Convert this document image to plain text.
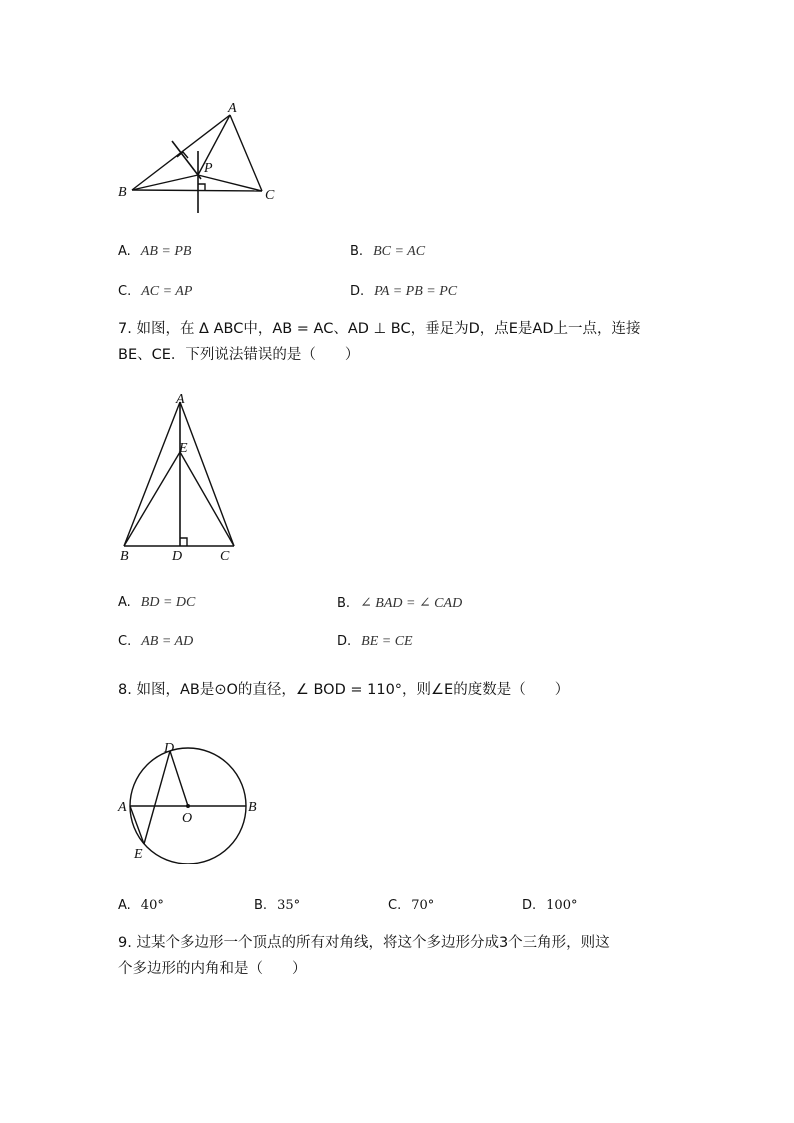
A
B	C
P
A. AB = PB	B. BC = AC
C. AC = AP	D. PA = PB = PC
7. 如图，在 Δ ABC中，AB = AC、AD ⊥ BC，垂足为D，点E是AD上一点，连接
BE、CE．下列说法错误的是（　　）
A
E
B	D	C
A. BD = DC	B. ∠ BAD = ∠ CAD
C. AB = AD	D. BE = CE
8. 如图，AB是⊙O的直径，∠ BOD = 110°，则∠E的度数是（　　）
D
A	B
O
E
A. 40°	B. 35°	C. 70°	D. 100°
9. 过某个多边形一个顶点的所有对角线，将这个多边形分成3个三角形，则这
个多边形的内角和是（　　）
